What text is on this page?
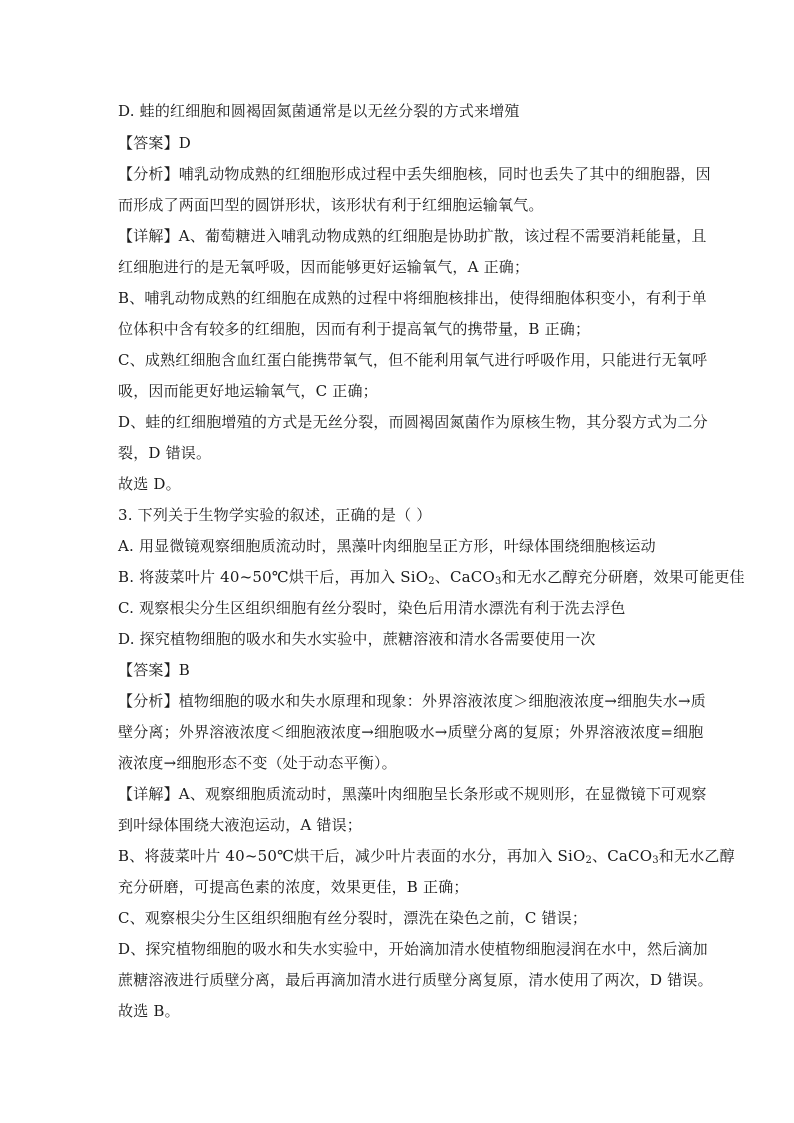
D. 蛙的红细胞和圆褐固氮菌通常是以无丝分裂的方式来增殖
【答案】D
【分析】哺乳动物成熟的红细胞形成过程中丢失细胞核，同时也丢失了其中的细胞器，因
而形成了两面凹型的圆饼形状，该形状有利于红细胞运输氧气。
【详解】A、葡萄糖进入哺乳动物成熟的红细胞是协助扩散，该过程不需要消耗能量，且
红细胞进行的是无氧呼吸，因而能够更好运输氧气，A 正确；
B、哺乳动物成熟的红细胞在成熟的过程中将细胞核排出，使得细胞体积变小，有利于单
位体积中含有较多的红细胞，因而有利于提高氧气的携带量，B 正确；
C、成熟红细胞含血红蛋白能携带氧气，但不能利用氧气进行呼吸作用，只能进行无氧呼
吸，因而能更好地运输氧气，C 正确；
D、蛙的红细胞增殖的方式是无丝分裂，而圆褐固氮菌作为原核生物，其分裂方式为二分
裂，D 错误。
故选 D。
3. 下列关于生物学实验的叙述，正确的是（ ）
A. 用显微镜观察细胞质流动时，黑藻叶肉细胞呈正方形，叶绿体围绕细胞核运动
B. 将菠菜叶片 40~50℃烘干后，再加入 SiO$_2$、CaCO$_3$和无水乙醇充分研磨，效果可能更佳
C. 观察根尖分生区组织细胞有丝分裂时，染色后用清水漂洗有利于洗去浮色
D. 探究植物细胞的吸水和失水实验中，蔗糖溶液和清水各需要使用一次
【答案】B
【分析】植物细胞的吸水和失水原理和现象：外界溶液浓度＞细胞液浓度→细胞失水→质
壁分离；外界溶液浓度＜细胞液浓度→细胞吸水→质壁分离的复原；外界溶液浓度=细胞
液浓度→细胞形态不变（处于动态平衡）。
【详解】A、观察细胞质流动时，黑藻叶肉细胞呈长条形或不规则形，在显微镜下可观察
到叶绿体围绕大液泡运动，A 错误；
B、将菠菜叶片 40~50℃烘干后，减少叶片表面的水分，再加入 SiO$_2$、CaCO$_3$和无水乙醇
充分研磨，可提高色素的浓度，效果更佳，B 正确；
C、观察根尖分生区组织细胞有丝分裂时，漂洗在染色之前，C 错误；
D、探究植物细胞的吸水和失水实验中，开始滴加清水使植物细胞浸润在水中，然后滴加
蔗糖溶液进行质壁分离，最后再滴加清水进行质壁分离复原，清水使用了两次，D 错误。
故选 B。
